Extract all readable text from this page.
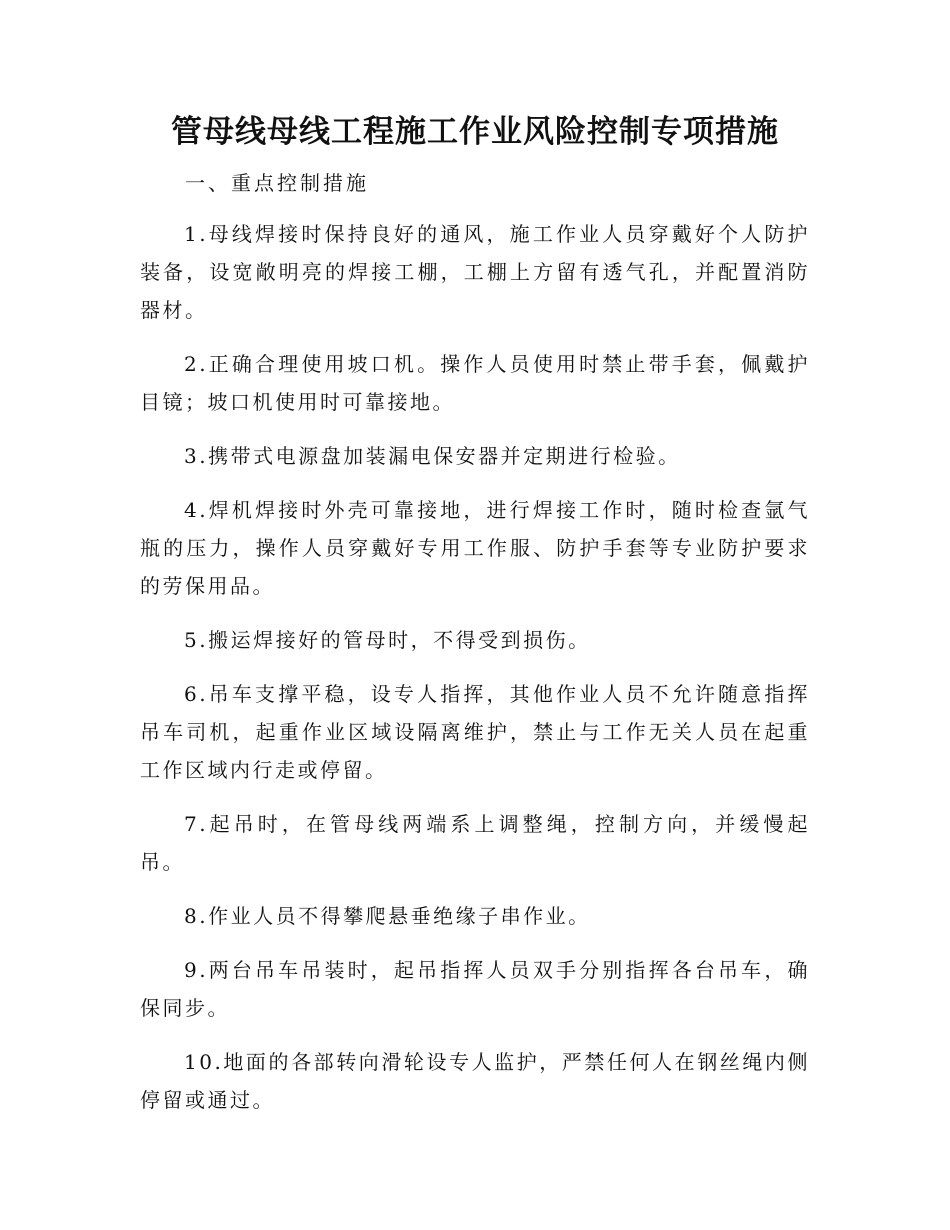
管母线母线工程施工作业风险控制专项措施

一、重点控制措施

1.母线焊接时保持良好的通风，施工作业人员穿戴好个人防护装备，设宽敞明亮的焊接工棚，工棚上方留有透气孔，并配置消防器材。

2.正确合理使用坡口机。操作人员使用时禁止带手套，佩戴护目镜；坡口机使用时可靠接地。

3.携带式电源盘加装漏电保安器并定期进行检验。

4.焊机焊接时外壳可靠接地，进行焊接工作时，随时检查氩气瓶的压力，操作人员穿戴好专用工作服、防护手套等专业防护要求的劳保用品。

5.搬运焊接好的管母时，不得受到损伤。

6.吊车支撑平稳，设专人指挥，其他作业人员不允许随意指挥吊车司机，起重作业区域设隔离维护，禁止与工作无关人员在起重工作区域内行走或停留。

7.起吊时，在管母线两端系上调整绳，控制方向，并缓慢起吊。

8.作业人员不得攀爬悬垂绝缘子串作业。

9.两台吊车吊装时，起吊指挥人员双手分别指挥各台吊车，确保同步。

10.地面的各部转向滑轮设专人监护，严禁任何人在钢丝绳内侧停留或通过。
